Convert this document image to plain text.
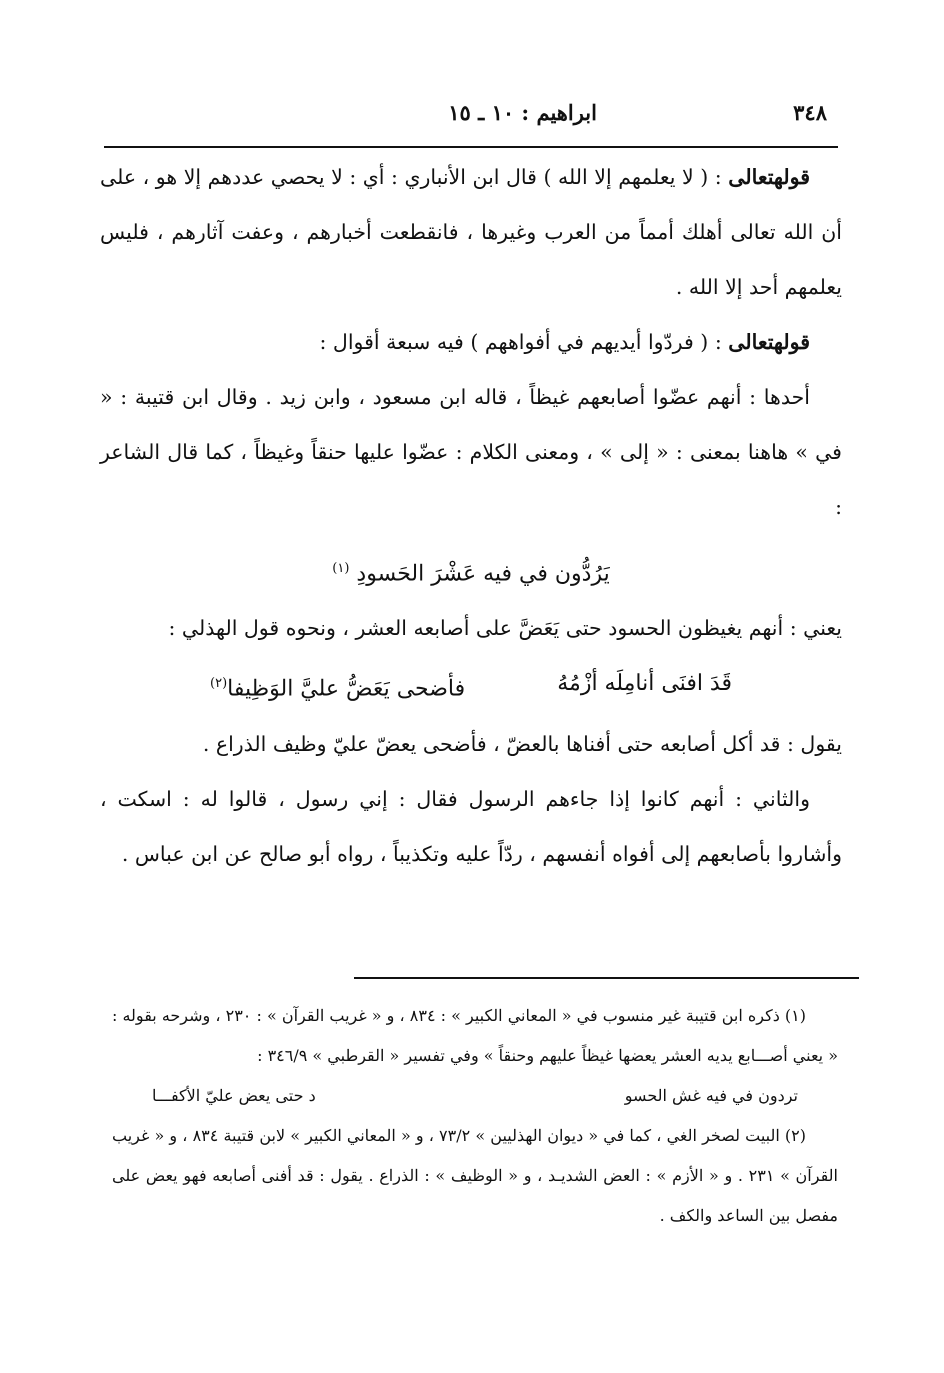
٣٤٨
ابراهيم : ١٠ ـ ١٥

قولهتعالى : ( لا يعلمهم إلا الله ) قال ابن الأنباري : أي : لا يحصي عددهم إلا هو ، على أن الله تعالى أهلك أمماً من العرب وغيرها ، فانقطعت أخبارهم ، وعفت آثارهم ، فليس يعلمهم أحد إلا الله .

قولهتعالى : ( فردّوا أيديهم في أفواههم ) فيه سبعة أقوال :

أحدها : أنهم عضّوا أصابعهم غيظاً ، قاله ابن مسعود ، وابن زيد . وقال ابن قتيبة : « في » هاهنا بمعنى : « إلى » ، ومعنى الكلام : عضّوا عليها حنقاً وغيظاً ، كما قال الشاعر :

يَرُدُّون في فيه عَشْرَ الحَسودِ $^{(١)}$

يعني : أنهم يغيظون الحسود حتى يَعَضَّ على أصابعه العشر ، ونحوه قول الهذلي :

قَدَ افنَى أنامِلَه أزْمُهُ
فأضحى يَعَضُّ عليَّ الوَظِيفا$^{(٢)}$

يقول : قد أكل أصابعه حتى أفناها بالعضّ ، فأضحى يعضّ عليّ وظيف الذراع .

والثاني : أنهم كانوا إذا جاءهم الرسول فقال : إني رسول ، قالوا له : اسكت ، وأشاروا بأصابعهم إلى أفواه أنفسهم ، ردّاً عليه وتكذيباً ، رواه أبو صالح عن ابن عباس .

(١) ذكره ابن قتيبة غير منسوب في « المعاني الكبير » : ٨٣٤ ، و « غريب القرآن » : ٢٣٠ ، وشرحه بقوله : « يعني أصـــابع يديه العشر يعضها غيظاً عليهم وحنقاً » وفي تفسير « القرطبي » ٣٤٦/٩ :

تردون في فيه غش الحسو
د حتى يعض عليّ الأكفـــا

(٢) البيت لصخر الغي ، كما في « ديوان الهذليين » ٧٣/٢ ، و « المعاني الكبير » لابن قتيبة ٨٣٤ ، و « غريب القرآن » ٢٣١ . و « الأزم » : العض الشديـد ، و « الوظيف » : الذراع . يقول : قد أفنى أصابعه فهو يعض على مفصل بين الساعد والكف .
